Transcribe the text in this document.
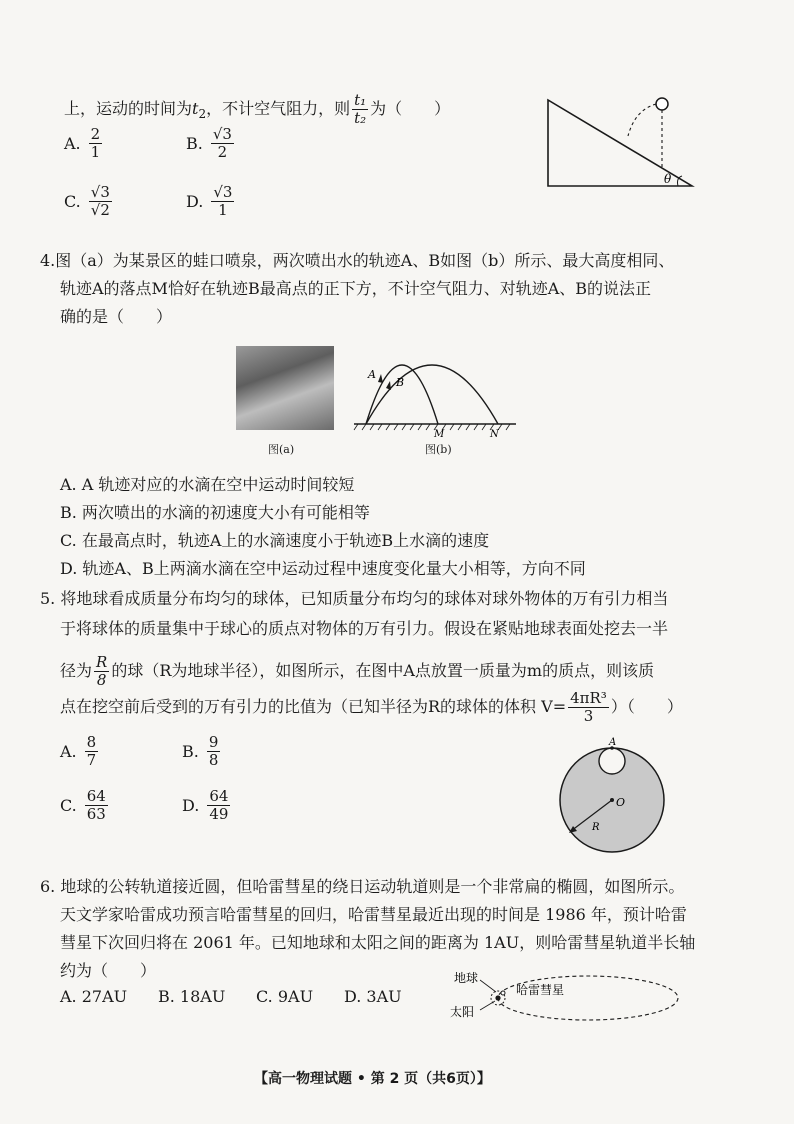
上，运动的时间为$t_2$，不计空气阻力，则 $\frac{\text{t₁}}{\text{t₂}}$ 为（　　）
A. $\frac{2}{1}$	B. $\frac{√3}{2}$
C. $\frac{√3}{√2}$	D. $\frac{√3}{1}$
θ
4.图（a）为某景区的蛙口喷泉，两次喷出水的轨迹A、B如图（b）所示、最大高度相同、
轨迹A的落点M恰好在轨迹B最高点的正下方，不计空气阻力、对轨迹A、B的说法正
确的是（　　）
图(a)
A
B
M	N
图(b)
A. A 轨迹对应的水滴在空中运动时间较短
B. 两次喷出的水滴的初速度大小有可能相等
C. 在最高点时，轨迹A上的水滴速度小于轨迹B上水滴的速度
D. 轨迹A、B上两滴水滴在空中运动过程中速度变化量大小相等，方向不同
5. 将地球看成质量分布均匀的球体，已知质量分布均匀的球体对球外物体的万有引力相当
于将球体的质量集中于球心的质点对物体的万有引力。假设在紧贴地球表面处挖去一半
径为 $\frac{R}{8}$ 的球（R为地球半径），如图所示，在图中A点放置一质量为m的质点，则该质
点在挖空前后受到的万有引力的比值为（已知半径为R的球体的体积 $V= \frac{\text{4πR³}}{3}$ ）（　　）
A. $\frac{8}{7}$	B. $\frac{9}{8}$
C. $\frac{64}{63}$	D. $\frac{64}{49}$
A
O
R
6. 地球的公转轨道接近圆，但哈雷彗星的绕日运动轨道则是一个非常扁的椭圆，如图所示。
天文学家哈雷成功预言哈雷彗星的回归，哈雷彗星最近出现的时间是 1986 年，预计哈雷
彗星下次回归将在 2061 年。已知地球和太阳之间的距离为 1AU，则哈雷彗星轨道半长轴
约为（　　）
A. 27AU B. 18AU C. 9AU D. 3AU
地球
太阳
哈雷彗星
【高一物理试题 • 第 2 页（共6页）】
